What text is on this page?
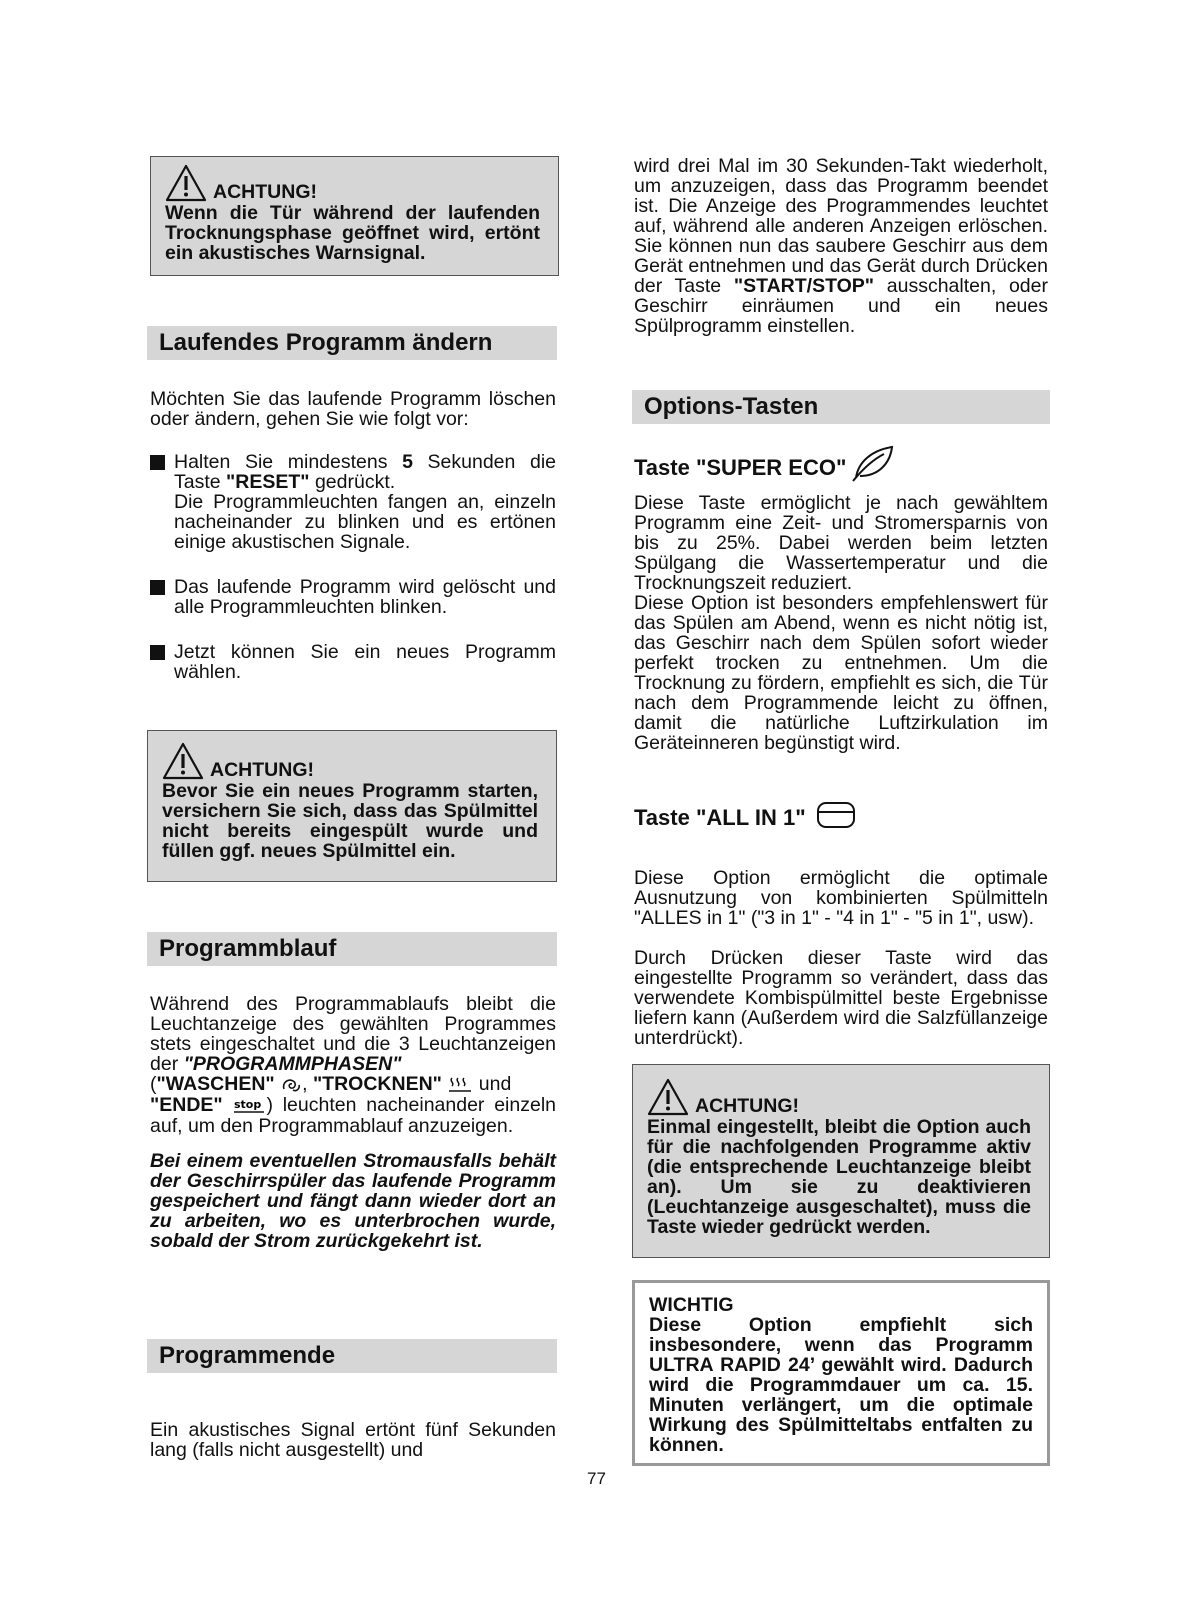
ACHTUNG!

Wenn die Tür während der laufenden Trocknungsphase geöffnet wird, ertönt ein akustisches Warnsignal.

Laufendes Programm ändern

Möchten Sie das laufende Programm löschen oder ändern, gehen Sie wie folgt vor:

Halten Sie mindestens 5 Sekunden die Taste "RESET" gedrückt.

Die Programmleuchten fangen an, einzeln nacheinander zu blinken und es ertönen einige akustischen Signale.

Das laufende Programm wird gelöscht und alle Programmleuchten blinken.

Jetzt können Sie ein neues Programm wählen.

ACHTUNG!

Bevor Sie ein neues Programm starten, versichern Sie sich, dass das Spülmittel nicht bereits eingespült wurde und füllen ggf. neues Spülmittel ein.

Programmblauf

Während des Programmablaufs bleibt die Leuchtanzeige des gewählten Programmes stets eingeschaltet und die 3 Leuchtanzeigen der "PROGRAMMPHASEN"
("WASCHEN" , "TROCKNEN" und
"ENDE" stop ) leuchten nacheinander einzeln auf, um den Programmablauf anzuzeigen.

Bei einem eventuellen Stromausfalls behält der Geschirrspüler das laufende Programm gespeichert und fängt dann wieder dort an zu arbeiten, wo es unterbrochen wurde, sobald der Strom zurückgekehrt ist.

Programmende

Ein akustisches Signal ertönt fünf Sekunden lang (falls nicht ausgestellt) und

wird drei Mal im 30 Sekunden-Takt wiederholt, um anzuzeigen, dass das Programm beendet ist. Die Anzeige des Programmendes leuchtet auf, während alle anderen Anzeigen erlöschen. Sie können nun das saubere Geschirr aus dem Gerät entnehmen und das Gerät durch Drücken der Taste "START/STOP" ausschalten, oder Geschirr einräumen und ein neues Spülprogramm einstellen.

Options-Tasten
Taste "SUPER ECO"

Diese Taste ermöglicht je nach gewähltem Programm eine Zeit- und Stromersparnis von bis zu 25%. Dabei werden beim letzten Spülgang die Wassertemperatur und die Trocknungszeit reduziert.

Diese Option ist besonders empfehlenswert für das Spülen am Abend, wenn es nicht nötig ist, das Geschirr nach dem Spülen sofort wieder perfekt trocken zu entnehmen. Um die Trocknung zu fördern, empfiehlt es sich, die Tür nach dem Programmende leicht zu öffnen, damit die natürliche Luftzirkulation im Geräteinneren begünstigt wird.

Taste "ALL IN 1"

Diese Option ermöglicht die optimale Ausnutzung von kombinierten Spülmitteln "ALLES in 1" ("3 in 1" - "4 in 1" - "5 in 1", usw).

Durch Drücken dieser Taste wird das eingestellte Programm so verändert, dass das verwendete Kombispülmittel beste Ergebnisse liefern kann (Außerdem wird die Salzfüllanzeige unterdrückt).

ACHTUNG!

Einmal eingestellt, bleibt die Option auch für die nachfolgenden Programme aktiv (die entsprechende Leuchtanzeige bleibt an). Um sie zu deaktivieren (Leuchtanzeige ausgeschaltet), muss die Taste wieder gedrückt werden.

WICHTIG

Diese Option empfiehlt sich insbesondere, wenn das Programm ULTRA RAPID 24’ gewählt wird. Dadurch wird die Programmdauer um ca. 15. Minuten verlängert, um die optimale Wirkung des Spülmitteltabs entfalten zu können.

77
